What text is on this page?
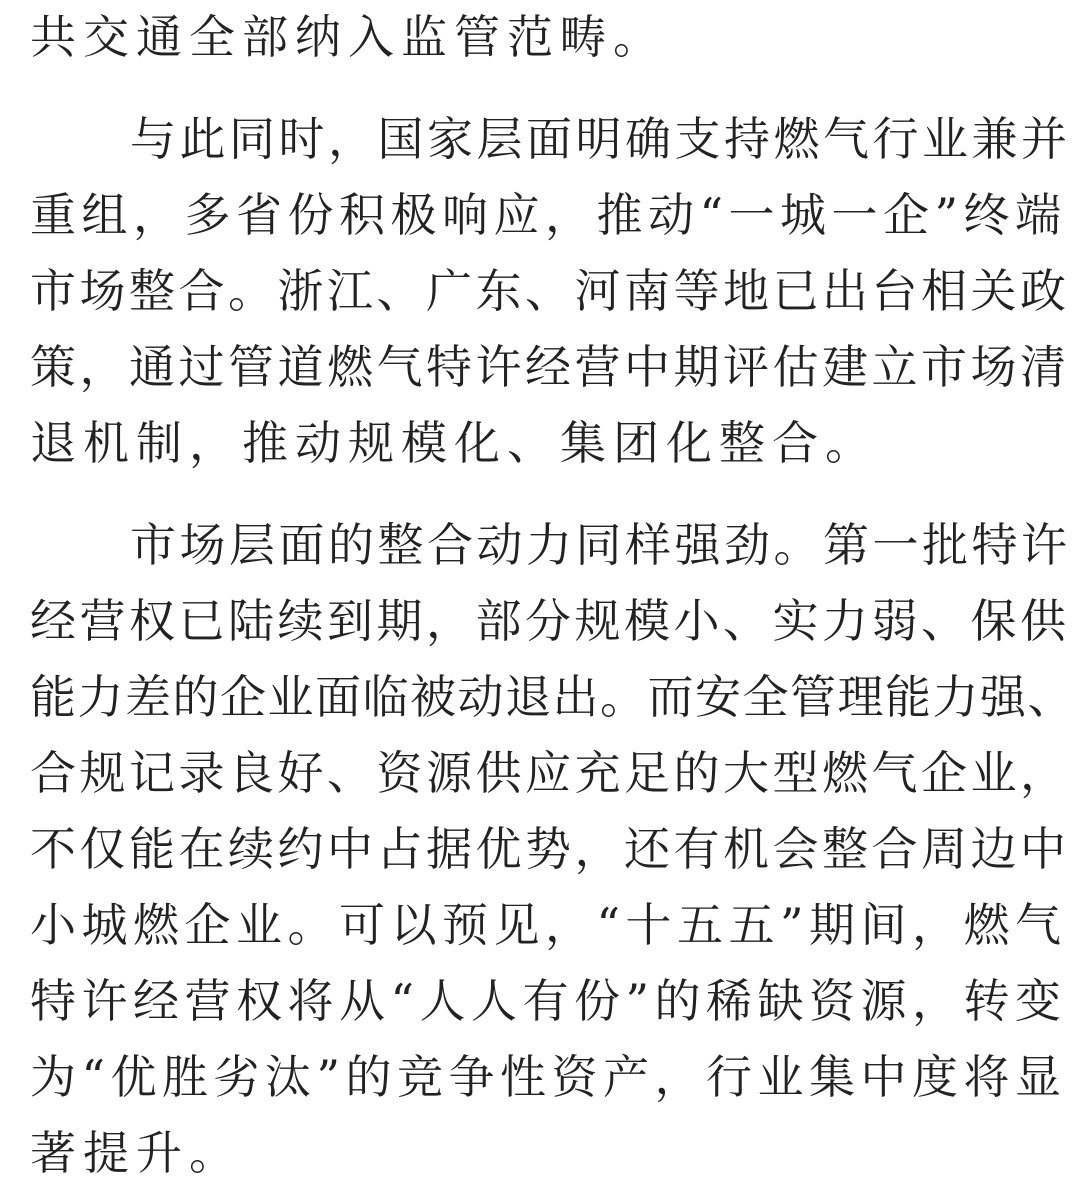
共交通全部纳入监管范畴。
与此同时，国家层面明确支持燃气行业兼并
重组，多省份积极响应，推动“一城一企”终端
市场整合。浙江、广东、河南等地已出台相关政
策，通过管道燃气特许经营中期评估建立市场清
退机制，推动规模化、集团化整合。
市场层面的整合动力同样强劲。第一批特许
经营权已陆续到期，部分规模小、实力弱、保供
能力差的企业面临被动退出。而安全管理能力强、
合规记录良好、资源供应充足的大型燃气企业，
不仅能在续约中占据优势，还有机会整合周边中
小城燃企业。可以预见，“十五五”期间，燃气
特许经营权将从“人人有份”的稀缺资源，转变
为“优胜劣汰”的竞争性资产，行业集中度将显
著提升。
